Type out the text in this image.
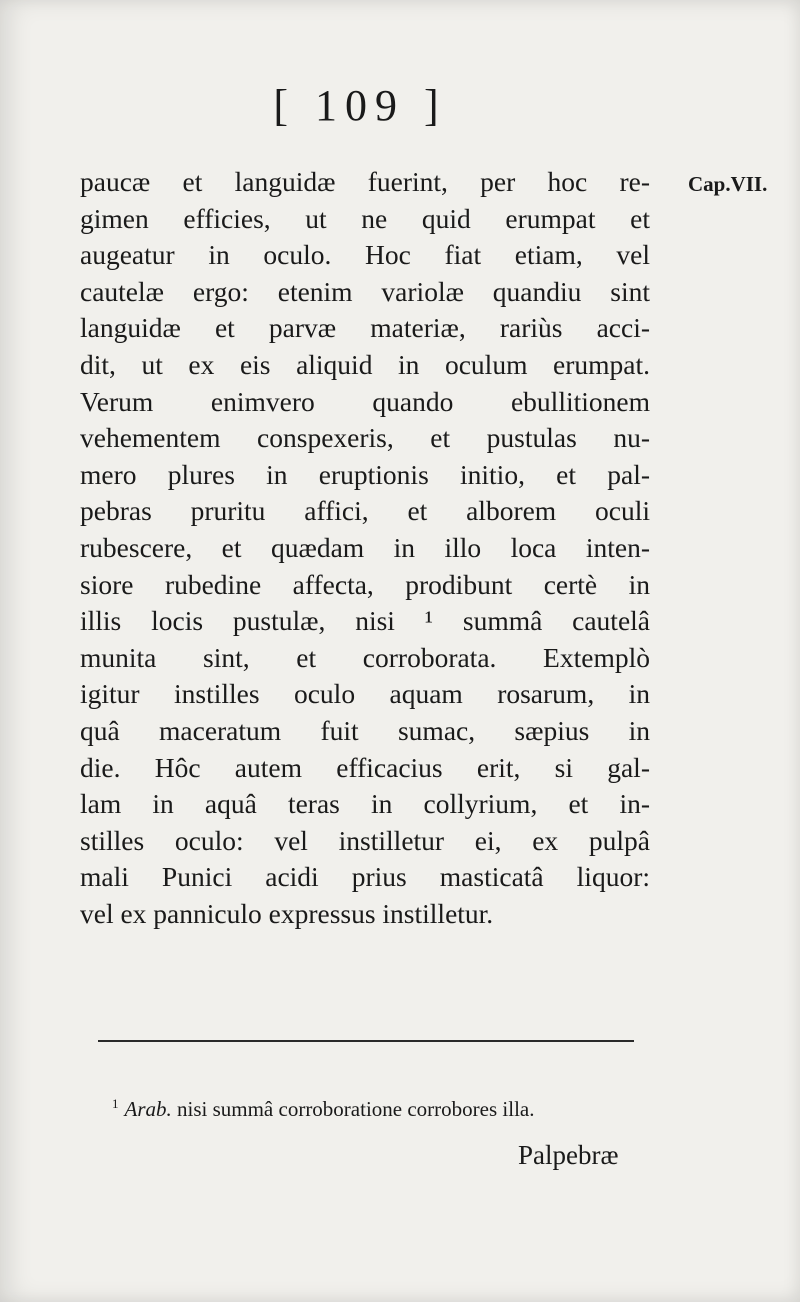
[ 109 ]
Cap.VII.
paucæ et languidæ fuerint, per hoc re-
gimen efficies, ut ne quid erumpat et
augeatur in oculo. Hoc fiat etiam, vel
cautelæ ergo: etenim variolæ quandiu sint
languidæ et parvæ materiæ, rariùs acci-
dit, ut ex eis aliquid in oculum erumpat.
Verum enimvero quando ebullitionem
vehementem conspexeris, et pustulas nu-
mero plures in eruptionis initio, et pal-
pebras pruritu affici, et alborem oculi
rubescere, et quædam in illo loca inten-
siore rubedine affecta, prodibunt certè in
illis locis pustulæ, nisi ¹ summâ cautelâ
munita sint, et corroborata. Extemplò
igitur instilles oculo aquam rosarum, in
quâ maceratum fuit sumac, sæpius in
die. Hôc autem efficacius erit, si gal-
lam in aquâ teras in collyrium, et in-
stilles oculo: vel instilletur ei, ex pulpâ
mali Punici acidi prius masticatâ liquor:
vel ex panniculo expressus instilletur.
$^1$ Arab. nisi summâ corroboratione corrobores illa.
Palpebræ
